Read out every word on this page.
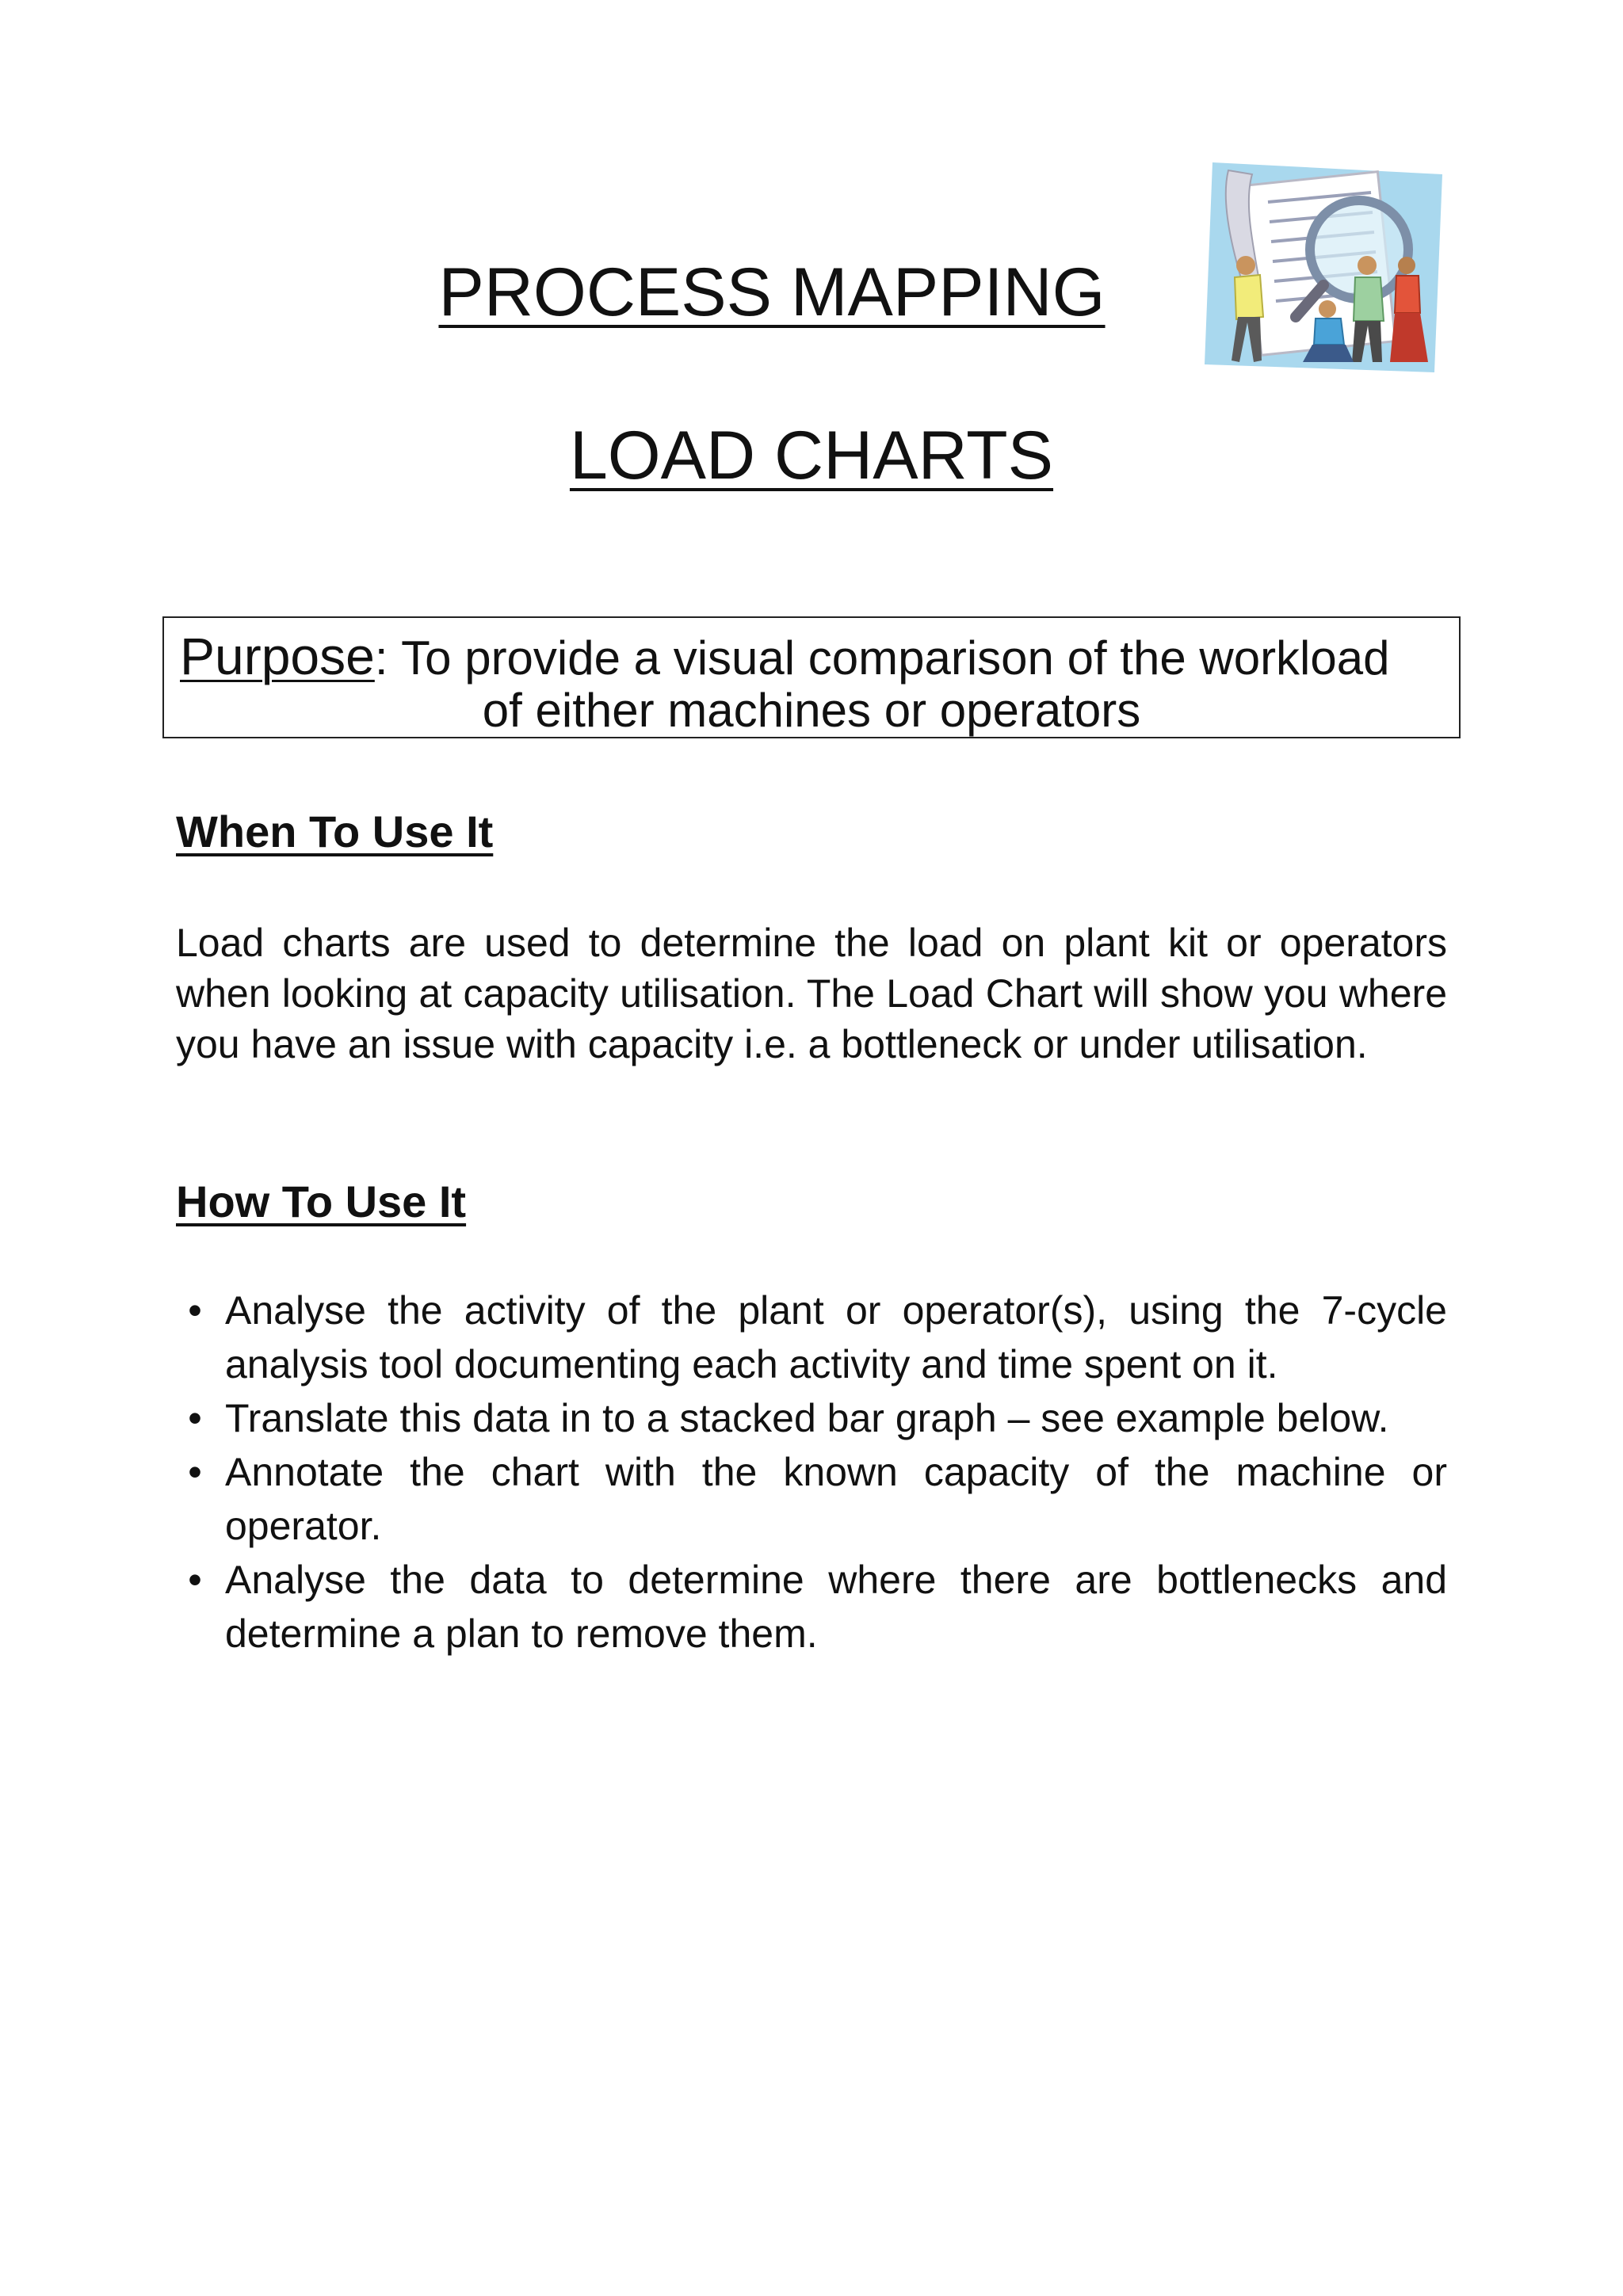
PROCESS MAPPING
LOAD CHARTS
Purpose: To provide a visual comparison of the workload
of either machines or operators
When To Use It

Load charts are used to determine the load on plant kit or operators when looking at capacity utilisation. The Load Chart will show you where you have an issue with capacity i.e. a bottleneck or under utilisation.

How To Use It
• Analyse the activity of the plant or operator(s), using the 7-cycle analysis tool documenting each activity and time spent on it.
• Translate this data in to a stacked bar graph – see example below.
• Annotate the chart with the known capacity of the machine or operator.
• Analyse the data to determine where there are bottlenecks and determine a plan to remove them.
